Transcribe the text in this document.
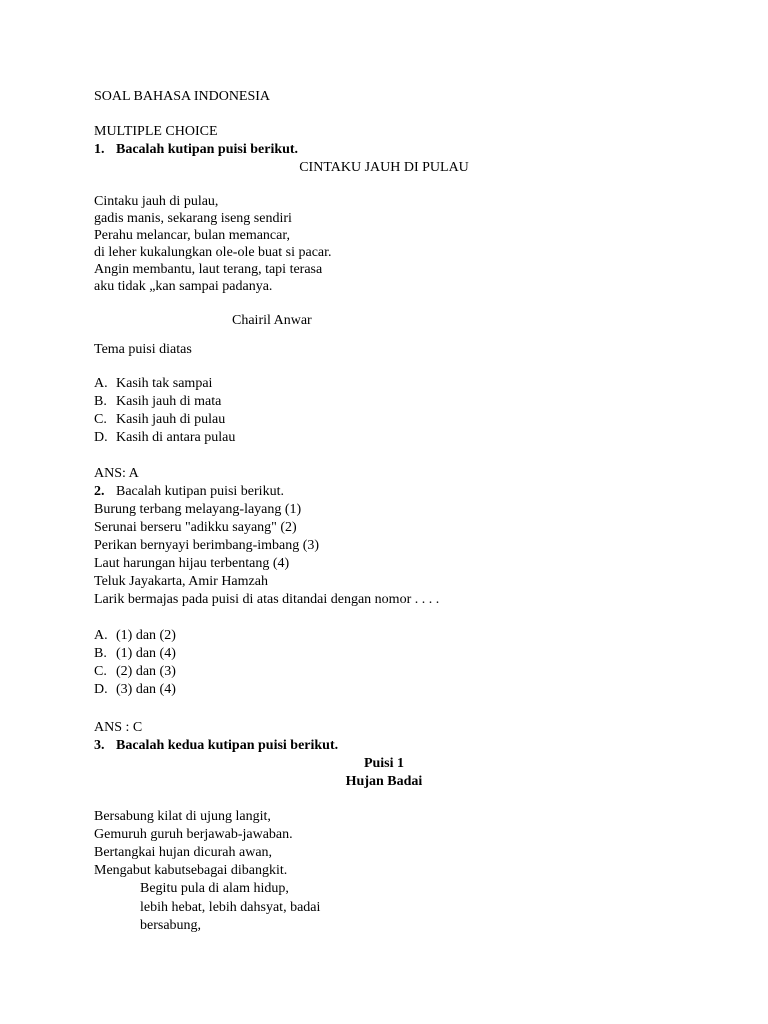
SOAL BAHASA INDONESIA
MULTIPLE CHOICE
1. Bacalah kutipan puisi berikut.
CINTAKU JAUH DI PULAU
Cintaku jauh di pulau,
gadis manis, sekarang iseng sendiri
Perahu melancar, bulan memancar,
di leher kukalungkan ole-ole buat si pacar.
Angin membantu, laut terang, tapi terasa
aku tidak „kan sampai padanya.
Chairil Anwar
Tema puisi diatas
A. Kasih tak sampai
B. Kasih jauh di mata
C. Kasih jauh di pulau
D. Kasih di antara pulau
ANS: A
2. Bacalah kutipan puisi berikut.
Burung terbang melayang-layang (1)
Serunai berseru "adikku sayang" (2)
Perikan bernyayi berimbang-imbang (3)
Laut harungan hijau terbentang (4)
Teluk Jayakarta, Amir Hamzah
Larik bermajas pada puisi di atas ditandai dengan nomor . . . .
A. (1) dan (2)
B. (1) dan (4)
C. (2) dan (3)
D. (3) dan (4)
ANS : C
3. Bacalah kedua kutipan puisi berikut.
Puisi 1
Hujan Badai
Bersabung kilat di ujung langit,
Gemuruh guruh berjawab-jawaban.
Bertangkai hujan dicurah awan,
Mengabut kabutsebagai dibangkit.
Begitu pula di alam hidup,
lebih hebat, lebih dahsyat, badai
bersabung,
